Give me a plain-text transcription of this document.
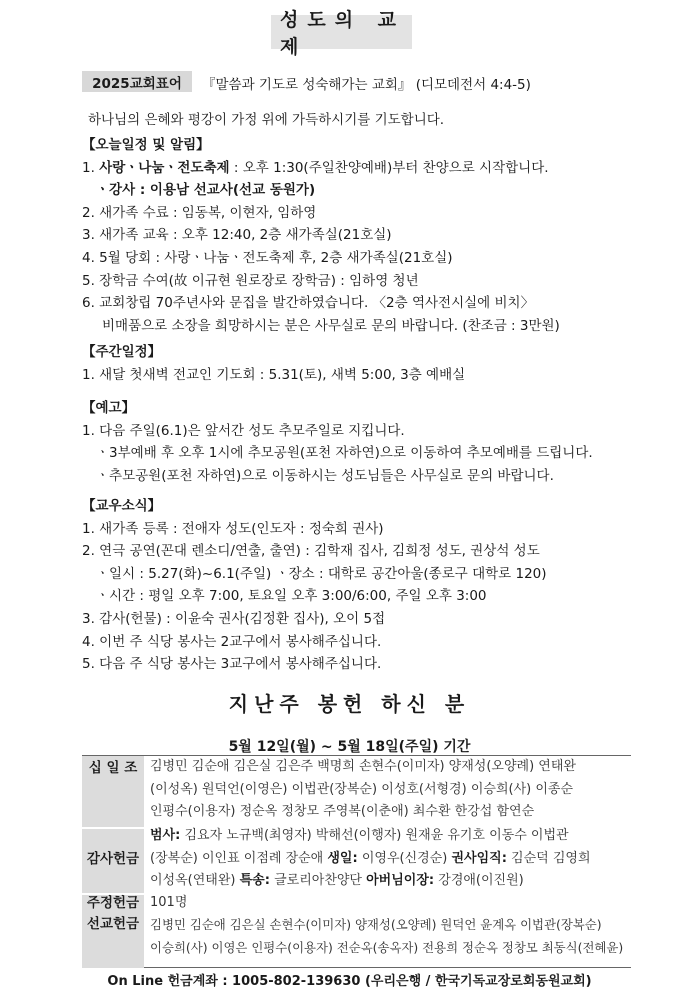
성도의 교제
2025교회표어	『말씀과 기도로 성숙해가는 교회』 (디모데전서 4:4-5)
하나님의 은혜와 평강이 가정 위에 가득하시기를 기도합니다.
【오늘일정 및 알림】
1. 사랑ㆍ나눔ㆍ전도축제 : 오후 1:30(주일찬양예배)부터 찬양으로 시작합니다.
ㆍ강사 : 이용남 선교사(선교 동원가)
2. 새가족 수료 : 임동복, 이현자, 임하영
3. 새가족 교육 : 오후 12:40, 2층 새가족실(21호실)
4. 5월 당회 : 사랑ㆍ나눔ㆍ전도축제 후, 2층 새가족실(21호실)
5. 장학금 수여(故 이규현 원로장로 장학금) : 임하영 청년
6. 교회창립 70주년사와 문집을 발간하였습니다. 〈2층 역사전시실에 비치〉
비매품으로 소장을 희망하시는 분은 사무실로 문의 바랍니다. (찬조금 : 3만원)
【주간일정】
1. 새달 첫새벽 전교인 기도회 : 5.31(토), 새벽 5:00, 3층 예배실
【예고】
1. 다음 주일(6.1)은 앞서간 성도 추모주일로 지킵니다.
ㆍ3부예배 후 오후 1시에 추모공원(포천 자하연)으로 이동하여 추모예배를 드립니다.
ㆍ추모공원(포천 자하연)으로 이동하시는 성도님들은 사무실로 문의 바랍니다.
【교우소식】
1. 새가족 등록 : 전애자 성도(인도자 : 정숙희 권사)
2. 연극 공연(꼰대 렌소디/연출, 출연) : 김학재 집사, 김희정 성도, 권상석 성도
ㆍ일시 : 5.27(화)~6.1(주일) ㆍ장소 : 대학로 공간아울(종로구 대학로 120)
ㆍ시간 : 평일 오후 7:00, 토요일 오후 3:00/6:00, 주일 오후 3:00
3. 감사(헌물) : 이윤숙 권사(김정환 집사), 오이 5접
4. 이번 주 식당 봉사는 2교구에서 봉사해주십니다.
5. 다음 주 식당 봉사는 3교구에서 봉사해주십니다.
지난주 봉헌 하신 분
5월 12일(월) ~ 5월 18일(주일) 기간
십 일 조 김병민 김순애 김은실 김은주 백명희 손현수(이미자) 양재성(오양례) 연태완
(이성옥) 원덕언(이영은) 이법관(장복순) 이성호(서형경) 이승희(사) 이종순
인평수(이용자) 정순옥 정창모 주영복(이춘애) 최수환 한강섭 함연순
감사헌금
범사: 김요자 노규백(최영자) 박해선(이행자) 원재윤 유기호 이동수 이법관
(장복순) 이인표 이점례 장순애 생일: 이영우(신경순) 권사임직: 김순덕 김영희
이성옥(연태완) 특송: 글로리아찬양단 아버님이장: 강경애(이진원)
주정헌금 101명
선교헌금 김병민 김순애 김은실 손현수(이미자) 양재성(오양례) 원덕언 윤계옥 이법관(장복순)
이승희(사) 이영은 인평수(이용자) 전순옥(송옥자) 전용희 정순옥 정창모 최동식(전혜윤)
On Line 헌금계좌 : 1005-802-139630 (우리은행 / 한국기독교장로회동원교회)
